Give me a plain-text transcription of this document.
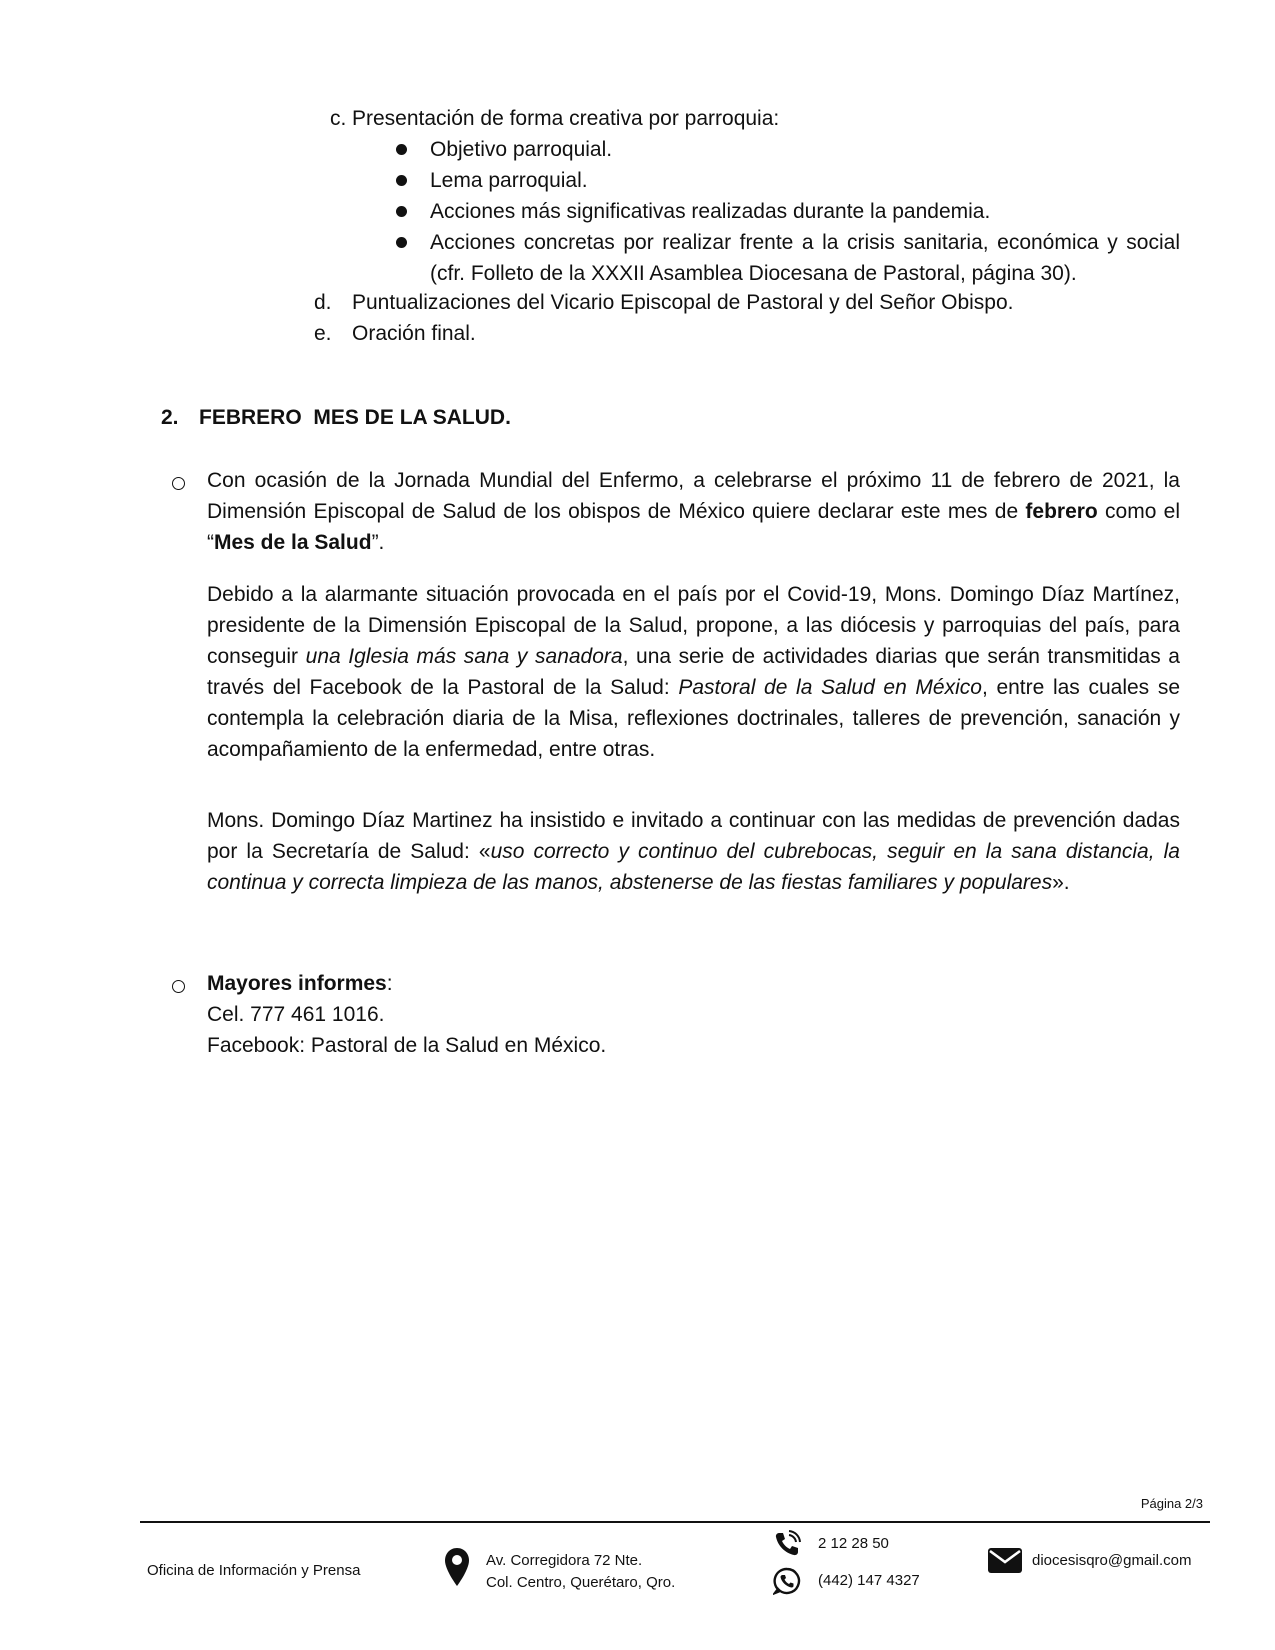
c. Presentación de forma creativa por parroquia:
Objetivo parroquial.
Lema parroquial.
Acciones más significativas realizadas durante la pandemia.
Acciones concretas por realizar frente a la crisis sanitaria, económica y social (cfr. Folleto de la XXXII Asamblea Diocesana de Pastoral, página 30).
d. Puntualizaciones del Vicario Episcopal de Pastoral y del Señor Obispo.
e. Oración final.
2. FEBRERO  MES DE LA SALUD.

Con ocasión de la Jornada Mundial del Enfermo, a celebrarse el próximo 11 de febrero de 2021, la Dimensión Episcopal de Salud de los obispos de México quiere declarar este mes de febrero como el “Mes de la Salud”.

Debido a la alarmante situación provocada en el país por el Covid-19, Mons. Domingo Díaz Martínez, presidente de la Dimensión Episcopal de la Salud, propone, a las diócesis y parroquias del país, para conseguir una Iglesia más sana y sanadora, una serie de actividades diarias que serán transmitidas a través del Facebook de la Pastoral de la Salud: Pastoral de la Salud en México, entre las cuales se contempla la celebración diaria de la Misa, reflexiones doctrinales, talleres de prevención, sanación y acompañamiento de la enfermedad, entre otras.

Mons. Domingo Díaz Martinez ha insistido e invitado a continuar con las medidas de prevención dadas por la Secretaría de Salud: «uso correcto y continuo del cubrebocas, seguir en la sana distancia, la continua y correcta limpieza de las manos, abstenerse de las fiestas familiares y populares».

Mayores informes:
Cel. 777 461 1016.
Facebook: Pastoral de la Salud en México.
Página 2/3
Oficina de Información y Prensa
Av. Corregidora 72 Nte.
Col. Centro, Querétaro, Qro.
2 12 28 50
(442) 147 4327
diocesisqro@gmail.com
